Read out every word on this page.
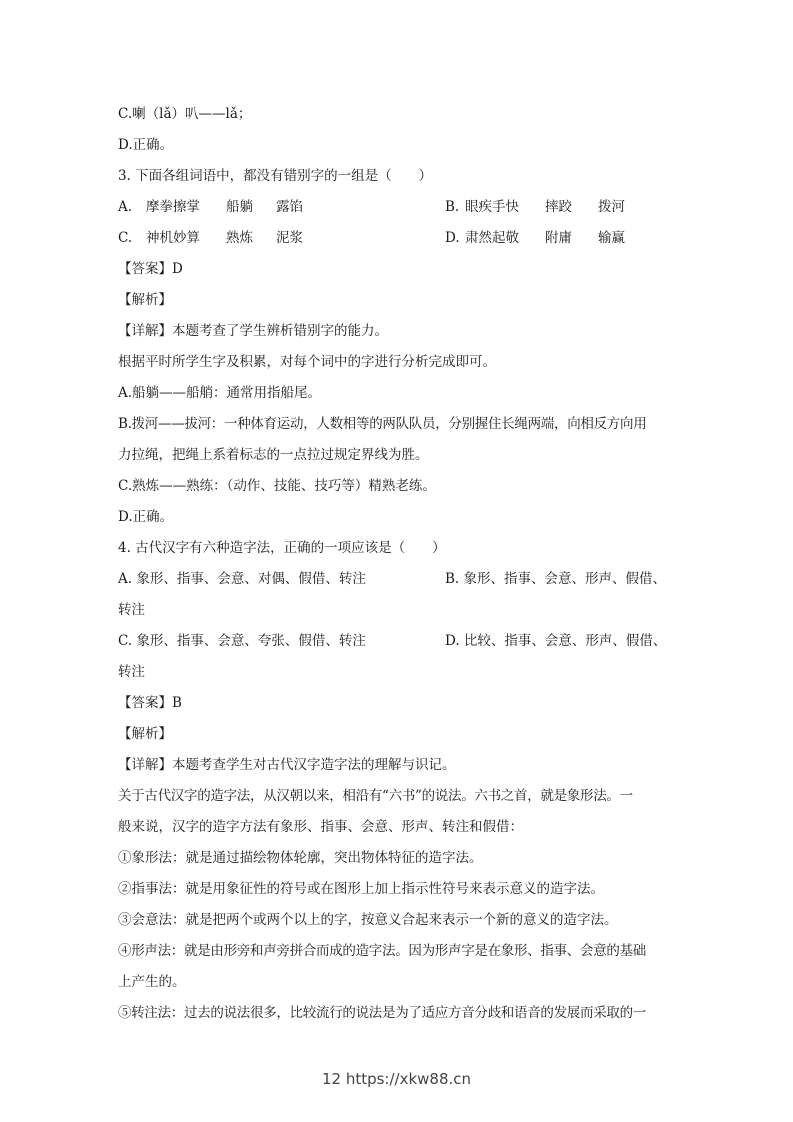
C.喇（lǎ）叭——lǎ；
D.正确。
3. 下面各组词语中，都没有错别字的一组是（　　）
A. 摩拳擦掌 船躺 露馅	B. 眼疾手快 摔跤 拨河
C. 神机妙算 熟炼 泥浆	D. 肃然起敬 附庸 输赢
【答案】D
【解析】
【详解】本题考查了学生辨析错别字的能力。
根据平时所学生字及积累，对每个词中的字进行分析完成即可。
A.船躺——船艄：通常用指船尾。
B.拨河——拔河：一种体育运动，人数相等的两队队员，分别握住长绳两端，向相反方向用
力拉绳，把绳上系着标志的一点拉过规定界线为胜。
C.熟炼——熟练：（动作、技能、技巧等）精熟老练。
D.正确。
4. 古代汉字有六种造字法，正确的一项应该是（　　）
A. 象形、指事、会意、对偶、假借、转注	B. 象形、指事、会意、形声、假借、
转注
C. 象形、指事、会意、夸张、假借、转注	D. 比较、指事、会意、形声、假借、
转注
【答案】B
【解析】
【详解】本题考查学生对古代汉字造字法的理解与识记。
关于古代汉字的造字法，从汉朝以来，相沿有“六书”的说法。六书之首，就是象形法。一
般来说，汉字的造字方法有象形、指事、会意、形声、转注和假借：
①象形法：就是通过描绘物体轮廓，突出物体特征的造字法。
②指事法：就是用象征性的符号或在图形上加上指示性符号来表示意义的造字法。
③会意法：就是把两个或两个以上的字，按意义合起来表示一个新的意义的造字法。
④形声法：就是由形旁和声旁拼合而成的造字法。因为形声字是在象形、指事、会意的基础
上产生的。
⑤转注法：过去的说法很多，比较流行的说法是为了适应方音分歧和语音的发展而采取的一
12 https://xkw88.cn
